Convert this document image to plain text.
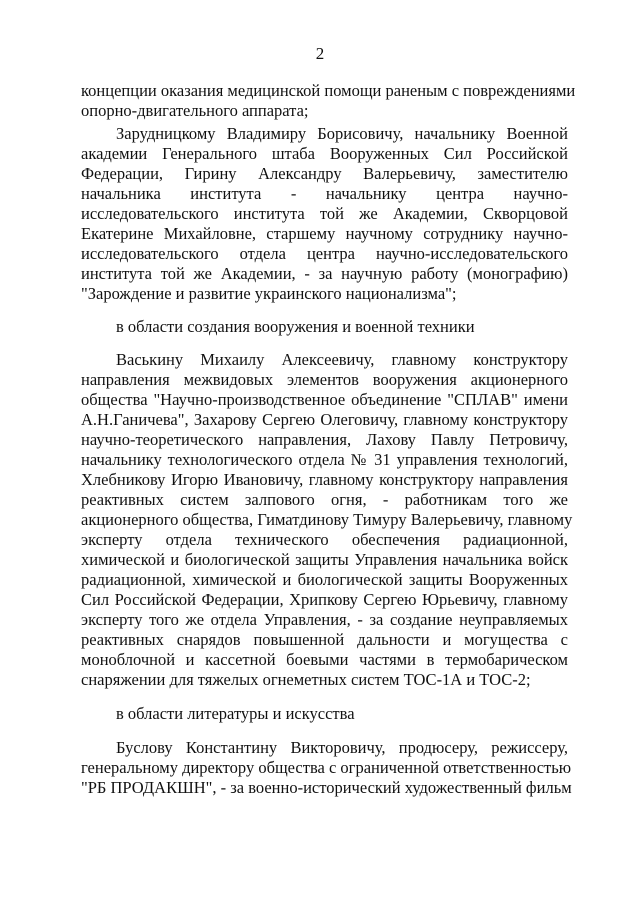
2
концепции оказания медицинской помощи раненым с повреждениями
опорно-двигательного аппарата;
Зарудницкому Владимиру Борисовичу, начальнику Военной
академии Генерального штаба Вооруженных Сил Российской
Федерации, Гирину Александру Валерьевичу, заместителю
начальника института - начальнику центра научно-
исследовательского института той же Академии, Скворцовой
Екатерине Михайловне, старшему научному сотруднику научно-
исследовательского отдела центра научно-исследовательского
института той же Академии, - за научную работу (монографию)
"Зарождение и развитие украинского национализма";
в области создания вооружения и военной техники
Васькину Михаилу Алексеевичу, главному конструктору
направления межвидовых элементов вооружения акционерного
общества "Научно-производственное объединение "СПЛАВ" имени
А.Н.Ганичева", Захарову Сергею Олеговичу, главному конструктору
научно-теоретического направления, Лахову Павлу Петровичу,
начальнику технологического отдела № 31 управления технологий,
Хлебникову Игорю Ивановичу, главному конструктору направления
реактивных систем залпового огня, - работникам того же
акционерного общества, Гиматдинову Тимуру Валерьевичу, главному
эксперту отдела технического обеспечения радиационной,
химической и биологической защиты Управления начальника войск
радиационной, химической и биологической защиты Вооруженных
Сил Российской Федерации, Хрипкову Сергею Юрьевичу, главному
эксперту того же отдела Управления, - за создание неуправляемых
реактивных снарядов повышенной дальности и могущества с
моноблочной и кассетной боевыми частями в термобарическом
снаряжении для тяжелых огнеметных систем ТОС-1А и ТОС-2;
в области литературы и искусства
Буслову Константину Викторовичу, продюсеру, режиссеру,
генеральному директору общества с ограниченной ответственностью
"РБ ПРОДАКШН", - за военно-исторический художественный фильм
